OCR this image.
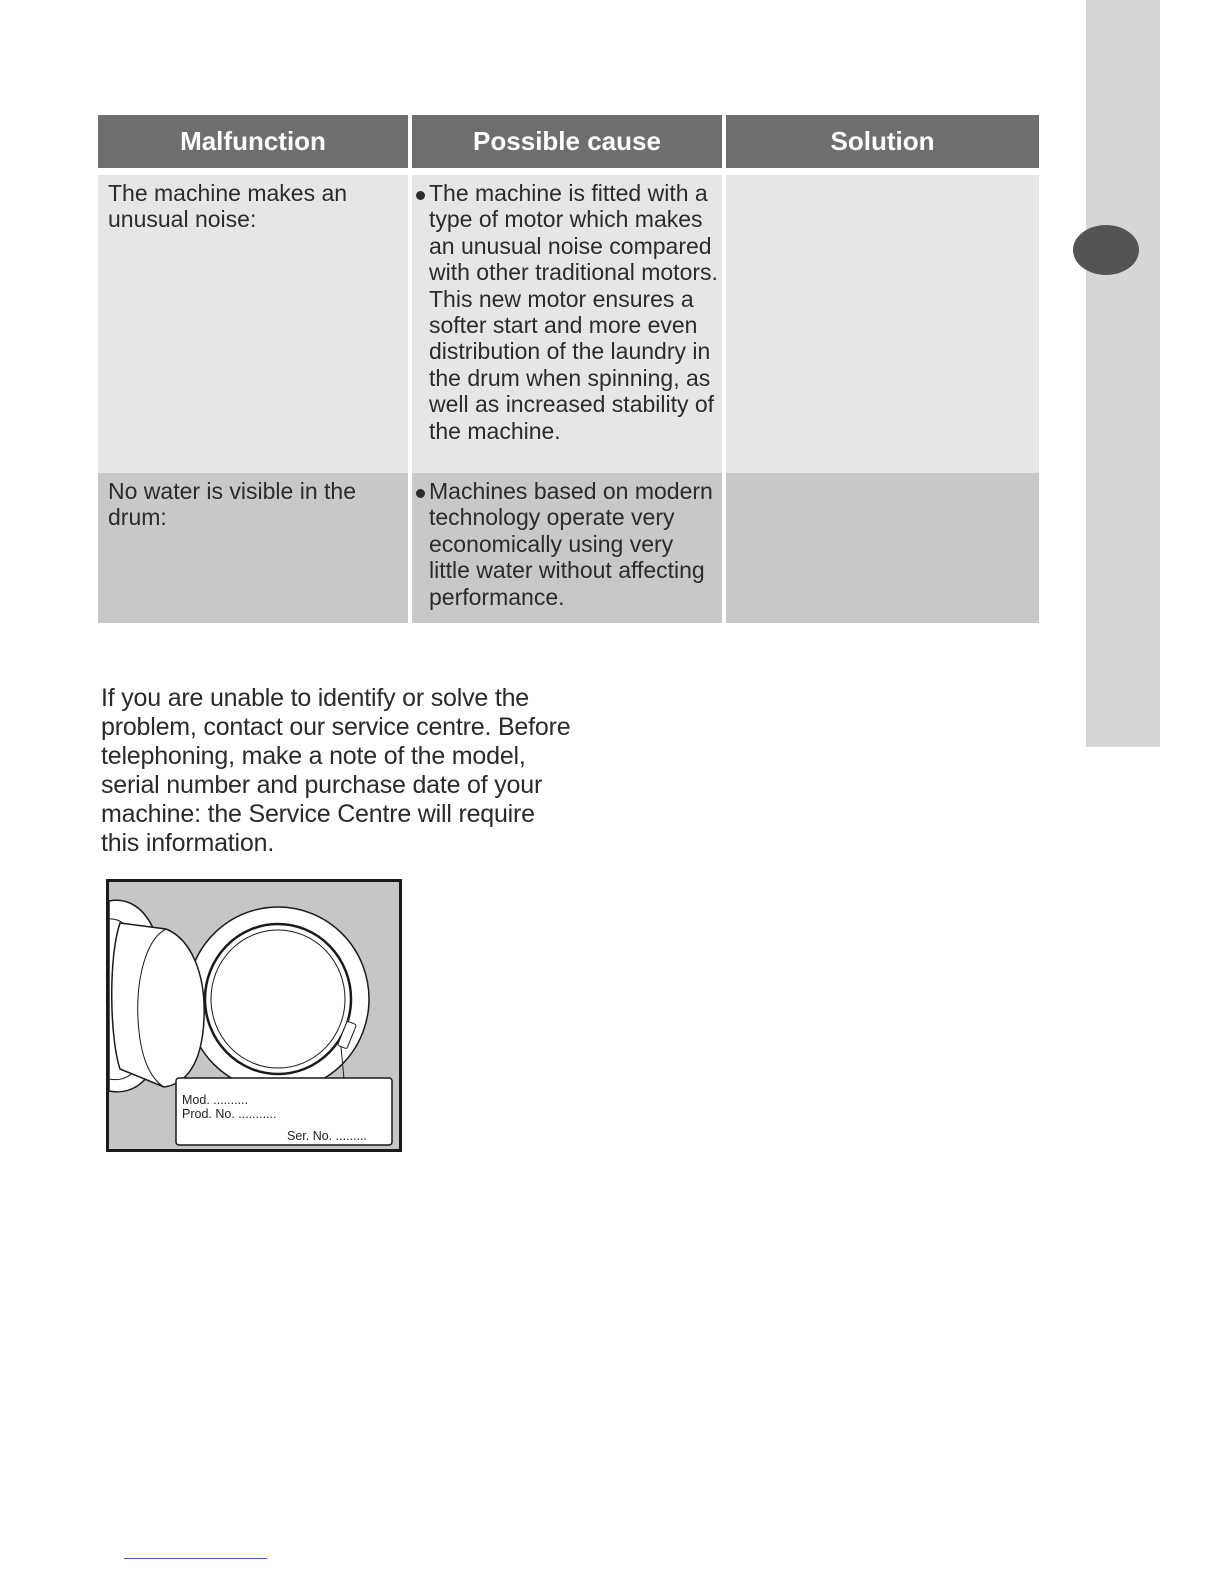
Malfunction	Possible cause	Solution
The machine makes an unusual noise:
The machine is fitted with a type of motor which makes an unusual noise compared with other traditional motors. This new motor ensures a softer start and more even distribution of the laundry in the drum when spinning, as well as increased stability of the machine.
No water is visible in the drum:
Machines based on modern technology operate very economically using very little water without affecting performance.
If you are unable to identify or solve the problem, contact our service centre. Before telephoning, make a note of the model, serial number and purchase date of your machine: the Service Centre will require this information.
Mod. ..........
Prod. No. ...........
Ser. No. .........
